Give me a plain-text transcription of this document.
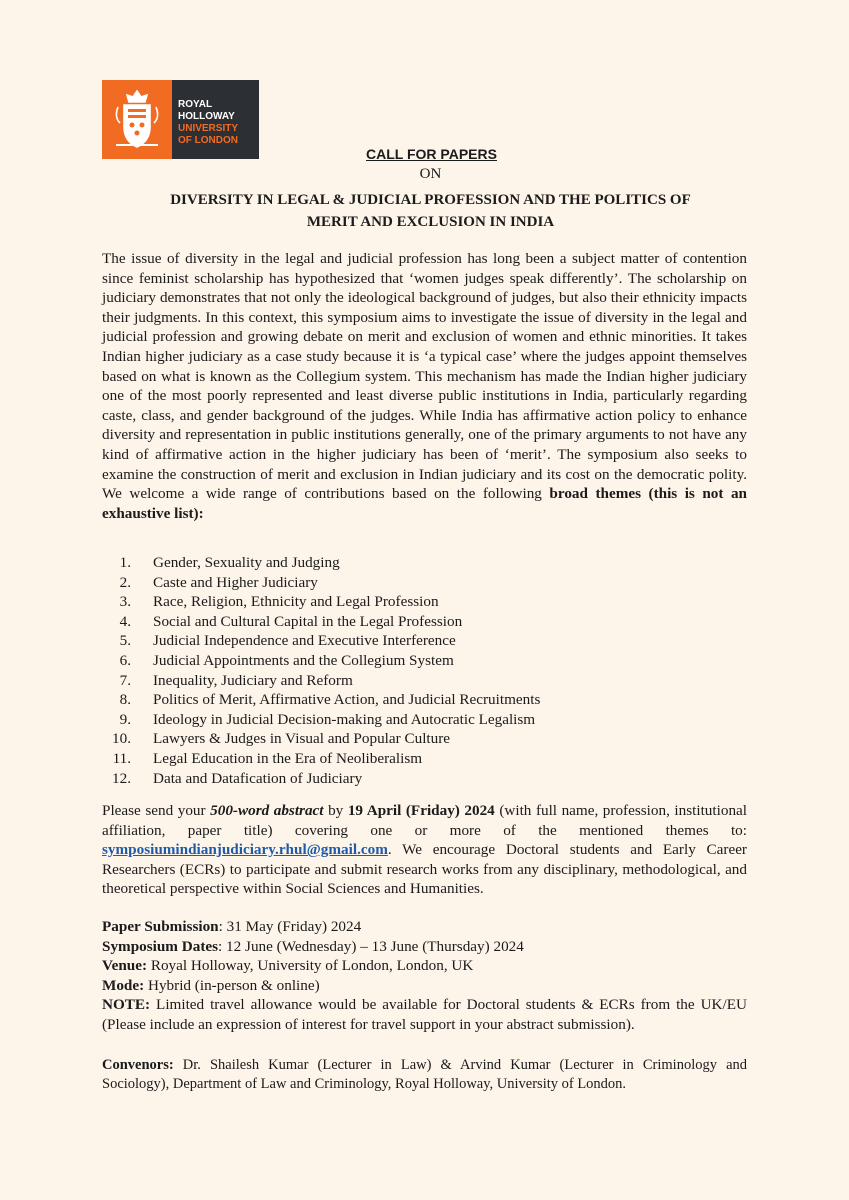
ROYAL
HOLLOWAY
UNIVERSITY
OF LONDON
CALL FOR PAPERS
ON
DIVERSITY IN LEGAL & JUDICIAL PROFESSION AND THE POLITICS OF
MERIT AND EXCLUSION IN INDIA
The issue of diversity in the legal and judicial profession has long been a subject matter of contention since feminist scholarship has hypothesized that ‘women judges speak differently’. The scholarship on judiciary demonstrates that not only the ideological background of judges, but also their ethnicity impacts their judgments. In this context, this symposium aims to investigate the issue of diversity in the legal and judicial profession and growing debate on merit and exclusion of women and ethnic minorities. It takes Indian higher judiciary as a case study because it is ‘a typical case’ where the judges appoint themselves based on what is known as the Collegium system. This mechanism has made the Indian higher judiciary one of the most poorly represented and least diverse public institutions in India, particularly regarding caste, class, and gender background of the judges. While India has affirmative action policy to enhance diversity and representation in public institutions generally, one of the primary arguments to not have any kind of affirmative action in the higher judiciary has been of ‘merit’. The symposium also seeks to examine the construction of merit and exclusion in Indian judiciary and its cost on the democratic polity. We welcome a wide range of contributions based on the following broad themes (this is not an exhaustive list):
1.	Gender, Sexuality and Judging
2.	Caste and Higher Judiciary
3.	Race, Religion, Ethnicity and Legal Profession
4.	Social and Cultural Capital in the Legal Profession
5.	Judicial Independence and Executive Interference
6.	Judicial Appointments and the Collegium System
7.	Inequality, Judiciary and Reform
8.	Politics of Merit, Affirmative Action, and Judicial Recruitments
9.	Ideology in Judicial Decision-making and Autocratic Legalism
10.	Lawyers & Judges in Visual and Popular Culture
11.	Legal Education in the Era of Neoliberalism
12.	Data and Datafication of Judiciary
Please send your 500-word abstract by 19 April (Friday) 2024 (with full name, profession, institutional affiliation, paper title) covering one or more of the mentioned themes to: symposiumindianjudiciary.rhul@gmail.com. We encourage Doctoral students and Early Career Researchers (ECRs) to participate and submit research works from any disciplinary, methodological, and theoretical perspective within Social Sciences and Humanities.
Paper Submission: 31 May (Friday) 2024
Symposium Dates: 12 June (Wednesday) – 13 June (Thursday) 2024
Venue: Royal Holloway, University of London, London, UK
Mode: Hybrid (in-person & online)
NOTE: Limited travel allowance would be available for Doctoral students & ECRs from the UK/EU (Please include an expression of interest for travel support in your abstract submission).
Convenors: Dr. Shailesh Kumar (Lecturer in Law) & Arvind Kumar (Lecturer in Criminology and Sociology), Department of Law and Criminology, Royal Holloway, University of London.
